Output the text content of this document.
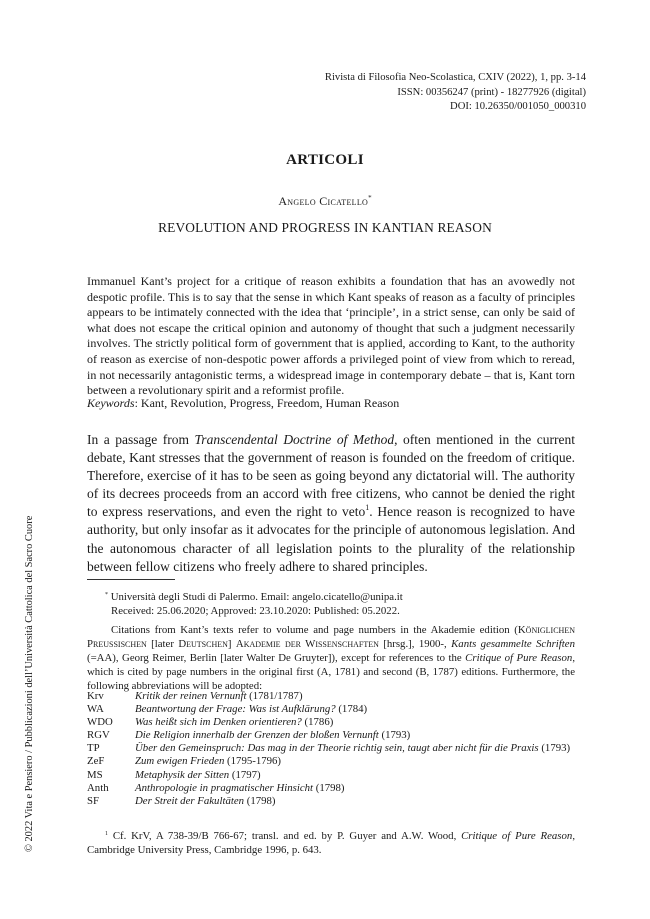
Rivista di Filosofia Neo-Scolastica, CXIV (2022), 1, pp. 3-14
ISSN: 00356247 (print) - 18277926 (digital)
DOI: 10.26350/001050_000310
ARTICOLI
Angelo Cicatello*
REVOLUTION AND PROGRESS IN KANTIAN REASON
Immanuel Kant’s project for a critique of reason exhibits a foundation that has an avowedly not despotic profile. This is to say that the sense in which Kant speaks of reason as a faculty of principles appears to be intimately connected with the idea that ‘principle’, in a strict sense, can only be said of what does not escape the critical opinion and autonomy of thought that such a judgment necessarily involves. The strictly political form of government that is applied, according to Kant, to the authority of reason as exercise of non-despotic power affords a privileged point of view from which to reread, in not necessarily antagonistic terms, a widespread image in contemporary debate – that is, Kant torn between a revolutionary spirit and a reformist profile.
Keywords: Kant, Revolution, Progress, Freedom, Human Reason
In a passage from Transcendental Doctrine of Method, often mentioned in the current debate, Kant stresses that the government of reason is founded on the freedom of critique. Therefore, exercise of it has to be seen as going beyond any dictatorial will. The authority of its decrees proceeds from an accord with free citizens, who cannot be denied the right to express reservations, and even the right to veto$^1$. Hence reason is recognized to have authority, but only insofar as it advocates for the principle of autonomous legislation. And the autonomous character of all legislation points to the plurality of the relationship between fellow citizens who freely adhere to shared principles.
* Università degli Studi di Palermo. Email: angelo.cicatello@unipa.it
Received: 25.06.2020; Approved: 23.10.2020: Published: 05.2022.
Citations from Kant’s texts refer to volume and page numbers in the Akademie edition (Königlichen Preussischen [later Deutschen] Akademie der Wissenschaften [hrsg.], 1900-, Kants gesammelte Schriften (=AA), Georg Reimer, Berlin [later Walter De Gruyter]), except for references to the Critique of Pure Reason, which is cited by page numbers in the original first (A, 1781) and second (B, 1787) editions. Furthermore, the following abbreviations will be adopted:
Krv	Kritik der reinen Vernunft (1781/1787)
WA	Beantwortung der Frage: Was ist Aufklärung? (1784)
WDO	Was heißt sich im Denken orientieren? (1786)
RGV	Die Religion innerhalb der Grenzen der bloßen Vernunft (1793)
TP	Über den Gemeinspruch: Das mag in der Theorie richtig sein, taugt aber nicht für die Praxis (1793)
ZeF	Zum ewigen Frieden (1795-1796)
MS	Metaphysik der Sitten (1797)
Anth	Anthropologie in pragmatischer Hinsicht (1798)
SF	Der Streit der Fakultäten (1798)
$^1$ Cf. KrV, A 738-39/B 766-67; transl. and ed. by P. Guyer and A.W. Wood, Critique of Pure Reason, Cambridge University Press, Cambridge 1996, p. 643.
© 2022 Vita e Pensiero / Pubblicazioni dell’Università Cattolica del Sacro Cuore
